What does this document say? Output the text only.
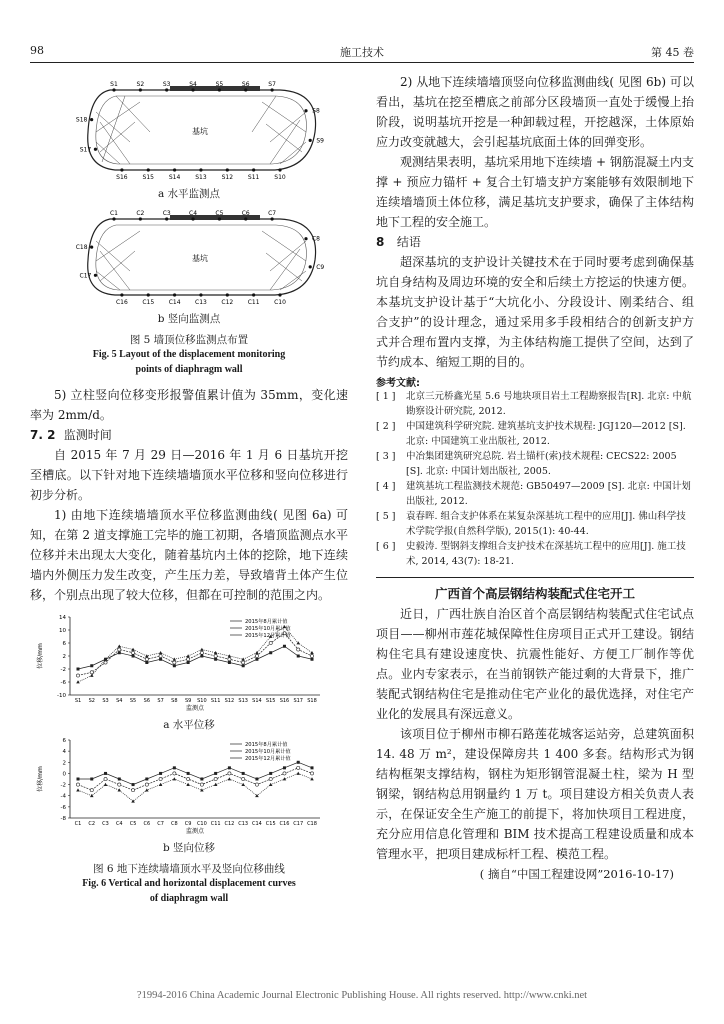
98	施工技术	第 45 卷
基坑
S1	S2	S3	S4	S5	S6	S7
S8
S9
S10
S11
S12
S13
S14
S15
S16
S17
S18
a 水平监测点
基坑
C1	C2	C3	C4	C5	C6	C7
C8
C9
C10
C11
C12
C13
C14
C15
C16
C17
C18
b 竖向监测点
图 5 墙顶位移监测点布置
Fig. 5 Layout of the displacement monitoring
points of diaphragm wall

5) 立柱竖向位移变形报警值累计值为 35mm，变化速率为 2mm/d。

7. 2 监测时间

自 2015 年 7 月 29 日—2016 年 1 月 6 日基坑开挖至槽底。以下针对地下连续墙墙顶水平位移和竖向位移进行初步分析。

1) 由地下连续墙墙顶水平位移监测曲线( 见图 6a) 可知，在第 2 道支撑施工完毕的施工初期，各墙顶监测点水平位移并未出现太大变化，随着基坑内土体的挖除，地下连续墙内外侧压力发生改变，产生压力差，导致墙背土体产生位移，个别点出现了较大位移，但都在可控制的范围之内。

-10
-6
-2
2
6
10
14
位移/mm
S1 S2 S3 S4 S5 S6 S7 S8 S9 S10 S11 S12 S13 S14 S15 S16 S17 S18
监测点
2015年8月累计值
2015年10月累计值
2015年12月累计值
a 水平位移
-8
-6
-4
-2
0
2
4
6
位移/mm
C1 C2 C3 C4 C5 C6 C7 C8 C9 C10 C11 C12 C13 C14 C15 C16 C17 C18
监测点
2015年8月累计值
2015年10月累计值
2015年12月累计值
b 竖向位移
图 6 地下连续墙墙顶水平及竖向位移曲线
Fig. 6 Vertical and horizontal displacement curves
of diaphragm wall

2) 从地下连续墙墙顶竖向位移监测曲线( 见图 6b) 可以看出，基坑在挖至槽底之前部分区段墙顶一直处于缓慢上抬阶段，说明基坑开挖是一种卸载过程，开挖越深，土体原始应力改变就越大，会引起基坑底面土体的回弹变形。

观测结果表明，基坑采用地下连续墙 + 钢筋混凝土内支撑 + 预应力锚杆 + 复合土钉墙支护方案能够有效限制地下连续墙墙顶土体位移，满足基坑支护要求，确保了主体结构地下工程的安全施工。

8 结语

超深基坑的支护设计关键技术在于同时要考虑到确保基坑自身结构及周边环境的安全和后续土方挖运的快速方便。本基坑支护设计基于“大坑化小、分段设计、刚柔结合、组合支护”的设计理念，通过采用多手段相结合的创新支护方式并合理布置内支撑，为主体结构施工提供了空间，达到了节约成本、缩短工期的目的。

参考文献:
[ 1 ] 北京三元桥鑫光星 5.6 号地块项目岩土工程勘察报告[R]. 北京: 中航勘察设计研究院, 2012.
[ 2 ] 中国建筑科学研究院. 建筑基坑支护技术规程: JGJ120—2012 [S]. 北京: 中国建筑工业出版社, 2012.
[ 3 ] 中冶集团建筑研究总院. 岩土锚杆(索)技术规程: CECS22: 2005 [S]. 北京: 中国计划出版社, 2005.
[ 4 ] 建筑基坑工程监测技术规范: GB50497—2009 [S]. 北京: 中国计划出版社, 2012.
[ 5 ] 袁春晖. 组合支护体系在某复杂深基坑工程中的应用[J]. 佛山科学技术学院学报(自然科学版), 2015(1): 40-44.
[ 6 ] 史毅涛. 型钢斜支撑组合支护技术在深基坑工程中的应用[J]. 施工技术, 2014, 43(7): 18-21.
广西首个高层钢结构装配式住宅开工

近日，广西壮族自治区首个高层钢结构装配式住宅试点项目——柳州市莲花城保障性住房项目正式开工建设。钢结构住宅具有建设速度快、抗震性能好、方便工厂制作等优点。业内专家表示，在当前钢铁产能过剩的大背景下，推广装配式钢结构住宅是推动住宅产业化的最优选择，对住宅产业化的发展具有深远意义。

该项目位于柳州市柳石路莲花城客运站旁，总建筑面积 14. 48 万 m²，建设保障房共 1 400 多套。结构形式为钢结构框架支撑结构，钢柱为矩形钢管混凝土柱，梁为 H 型钢梁，钢结构总用钢量约 1 万 t。项目建设方相关负责人表示，在保证安全生产施工的前提下，将加快项目工程进度，充分应用信息化管理和 BIM 技术提高工程建设质量和成本管理水平，把项目建成标杆工程、模范工程。

( 摘自“中国工程建设网”2016-10-17)
?1994-2016 China Academic Journal Electronic Publishing House. All rights reserved. http://www.cnki.net
